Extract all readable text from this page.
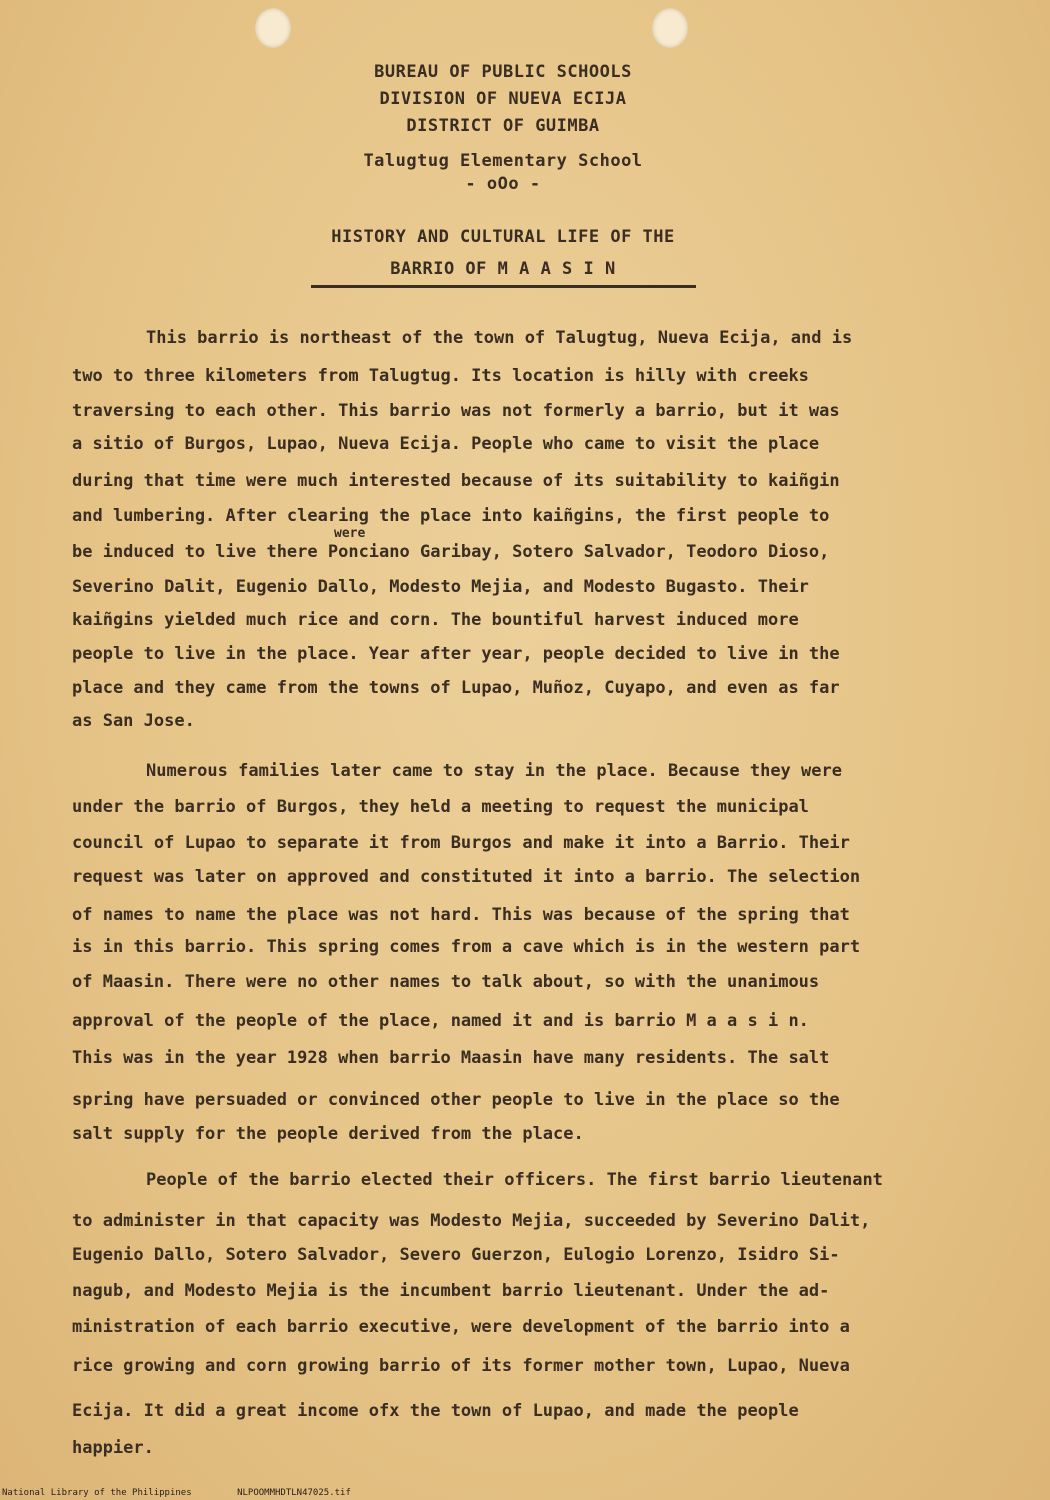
BUREAU OF PUBLIC SCHOOLS
DIVISION OF NUEVA ECIJA
DISTRICT OF GUIMBA
Talugtug Elementary School
- oOo -
HISTORY AND CULTURAL LIFE OF THE
BARRIO OF M A A S I N
This barrio is northeast of the town of Talugtug, Nueva Ecija, and is
two to three kilometers from Talugtug. Its location is hilly with creeks
traversing to each other. This barrio was not formerly a barrio, but it was
a sitio of Burgos, Lupao, Nueva Ecija. People who came to visit the place
during that time were much interested because of its suitability to kaiñgin
and lumbering. After clearing the place into kaiñgins, the first people to
were
be induced to live there Ponciano Garibay, Sotero Salvador, Teodoro Dioso,
Severino Dalit, Eugenio Dallo, Modesto Mejia, and Modesto Bugasto. Their
kaiñgins yielded much rice and corn. The bountiful harvest induced more
people to live in the place. Year after year, people decided to live in the
place and they came from the towns of Lupao, Muñoz, Cuyapo, and even as far
as San Jose.
Numerous families later came to stay in the place. Because they were
under the barrio of Burgos, they held a meeting to request the municipal
council of Lupao to separate it from Burgos and make it into a Barrio. Their
request was later on approved and constituted it into a barrio. The selection
of names to name the place was not hard. This was because of the spring that
is in this barrio. This spring comes from a cave which is in the western part
of Maasin. There were no other names to talk about, so with the unanimous
approval of the people of the place, named it and is barrio M a a s i n.
This was in the year 1928 when barrio Maasin have many residents. The salt
spring have persuaded or convinced other people to live in the place so the
salt supply for the people derived from the place.
People of the barrio elected their officers. The first barrio lieutenant
to administer in that capacity was Modesto Mejia, succeeded by Severino Dalit,
Eugenio Dallo, Sotero Salvador, Severo Guerzon, Eulogio Lorenzo, Isidro Si-
nagub, and Modesto Mejia is the incumbent barrio lieutenant. Under the ad-
ministration of each barrio executive, were development of the barrio into a
rice growing and corn growing barrio of its former mother town, Lupao, Nueva
Ecija. It did a great income ofx the town of Lupao, and made the people
happier.
National Library of the Philippines	NLPOOMMHDTLN47025.tif
